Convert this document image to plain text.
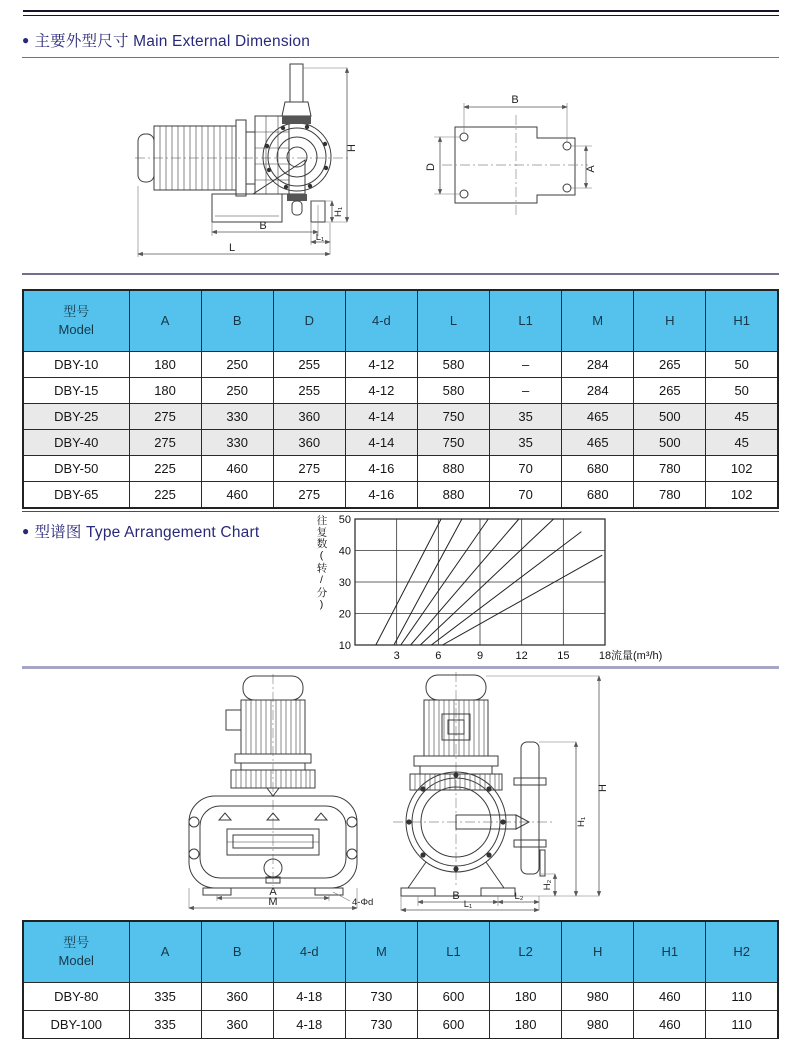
● 主要外型尺寸 Main External Dimension
H
H₁
B
L₁
L
B
D	A
型号
Model	A	B	D	4-d	L	L1	M	H	H1
DBY-10	180	250	255	4-12	580	–	284	265	50
DBY-15	180	250	255	4-12	580	–	284	265	50
DBY-25	275	330	360	4-14	750	35	465	500	45
DBY-40	275	330	360	4-14	750	35	465	500	45
DBY-50	225	460	275	4-16	880	70	680	780	102
DBY-65	225	460	275	4-16	880	70	680	780	102
● 型谱图 Type Arrangement Chart	往复数(转/分)
10
20
30
40
50
3	6	9	12	15	18 流量(m³/h)
A
M	4-Φd
H
H₁
H₂
B	L₂
L₁
型号
Model	A	B	4-d	M	L1	L2	H	H1	H2
DBY-80	335	360	4-18	730	600	180	980	460	110
DBY-100	335	360	4-18	730	600	180	980	460	110
